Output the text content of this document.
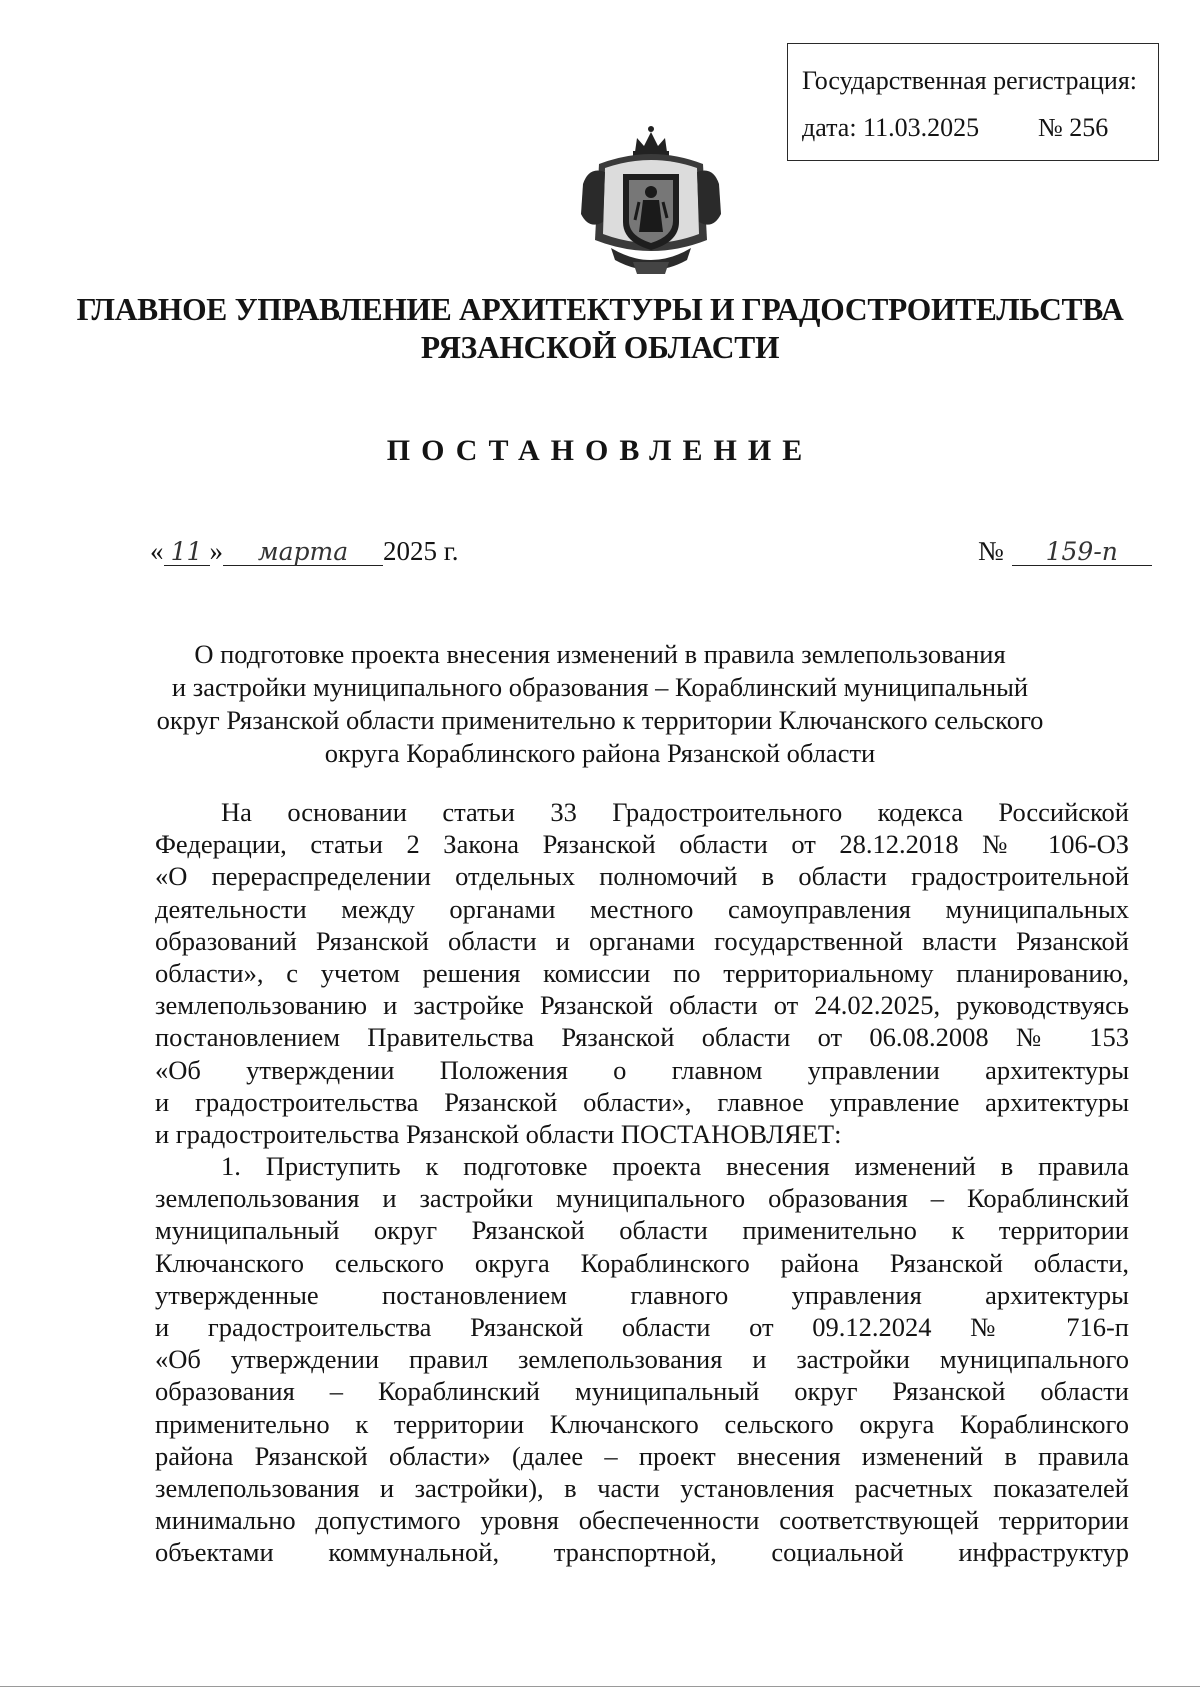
Государственная регистрация:
дата: 11.03.2025 № 256
ГЛАВНОЕ УПРАВЛЕНИЕ АРХИТЕКТУРЫ И ГРАДОСТРОИТЕЛЬСТВА
РЯЗАНСКОЙ ОБЛАСТИ
ПОСТАНОВЛЕНИЕ
« 11 » марта 2025 г.	№ 159-п
О подготовке проекта внесения изменений в правила землепользования
и застройки муниципального образования – Кораблинский муниципальный
округ Рязанской области применительно к территории Ключанского сельского
округа Кораблинского района Рязанской области
На основании статьи 33 Градостроительного кодекса Российской
Федерации, статьи 2 Закона Рязанской области от 28.12.2018 № 106-ОЗ
«О перераспределении отдельных полномочий в области градостроительной
деятельности между органами местного самоуправления муниципальных
образований Рязанской области и органами государственной власти Рязанской
области», с учетом решения комиссии по территориальному планированию,
землепользованию и застройке Рязанской области от 24.02.2025, руководствуясь
постановлением Правительства Рязанской области от 06.08.2008 № 153
«Об утверждении Положения о главном управлении архитектуры
и градостроительства Рязанской области», главное управление архитектуры
и градостроительства Рязанской области ПОСТАНОВЛЯЕТ:
1. Приступить к подготовке проекта внесения изменений в правила
землепользования и застройки муниципального образования – Кораблинский
муниципальный округ Рязанской области применительно к территории
Ключанского сельского округа Кораблинского района Рязанской области,
утвержденные постановлением главного управления архитектуры
и градостроительства Рязанской области от 09.12.2024 № 716-п
«Об утверждении правил землепользования и застройки муниципального
образования – Кораблинский муниципальный округ Рязанской области
применительно к территории Ключанского сельского округа Кораблинского
района Рязанской области» (далее – проект внесения изменений в правила
землепользования и застройки), в части установления расчетных показателей
минимально допустимого уровня обеспеченности соответствующей территории
объектами коммунальной, транспортной, социальной инфраструктур
